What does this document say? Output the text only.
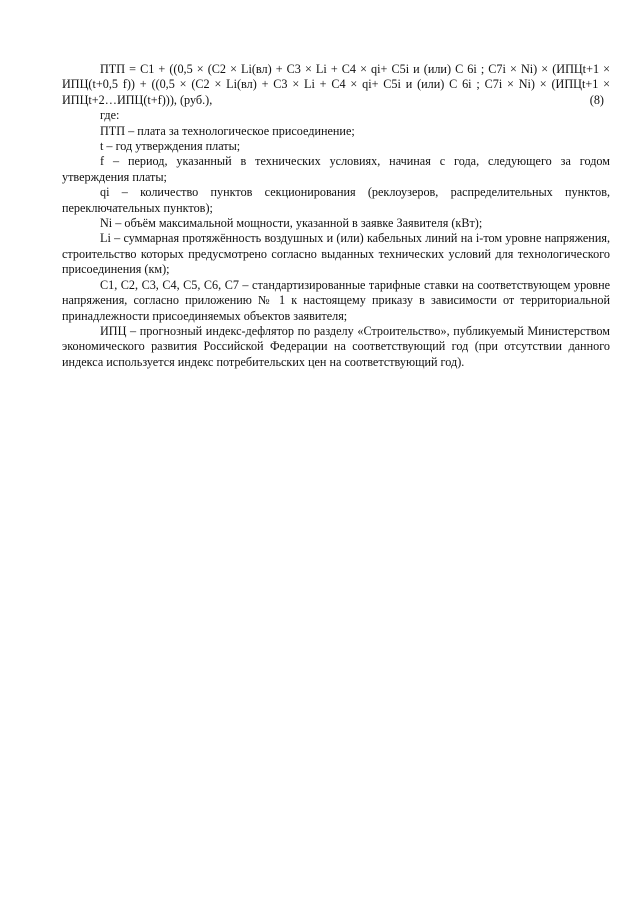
ПТП = С1 + ((0,5 × (С2 × Li(вл) + С3 × Li + С4 × qi+ С5i и (или) С 6i ; С7i × Ni) × (ИПЦt+1 ×
ИПЦ(t+0,5 f)) + ((0,5 × (С2 × Li(вл) + С3 × Li + С4 × qi+ С5i и (или) С 6i ; С7i × Ni) × (ИПЦt+1 ×
ИПЦt+2…ИПЦ(t+f))), (руб.),	(8)
где:

ПТП – плата за технологическое присоединение;

t – год утверждения платы;

f – период, указанный в технических условиях, начиная с года, следующего за годом утверждения платы;

qi – количество пунктов секционирования (реклоузеров, распределительных пунктов, переключательных пунктов);

Ni – объём максимальной мощности, указанной в заявке Заявителя (кВт);

Li – суммарная протяжённость воздушных и (или) кабельных линий на i-том уровне напряжения, строительство которых предусмотрено согласно выданных технических условий для технологического присоединения (км);

С1, С2, С3, С4, С5, С6, С7 – стандартизированные тарифные ставки на соответствующем уровне напряжения, согласно приложению № 1 к настоящему приказу в зависимости от территориальной принадлежности присоединяемых объектов заявителя;

ИПЦ – прогнозный индекс-дефлятор по разделу «Строительство», публикуемый Министерством экономического развития Российской Федерации на соответствующий год (при отсутствии данного индекса используется индекс потребительских цен на соответствующий год).
